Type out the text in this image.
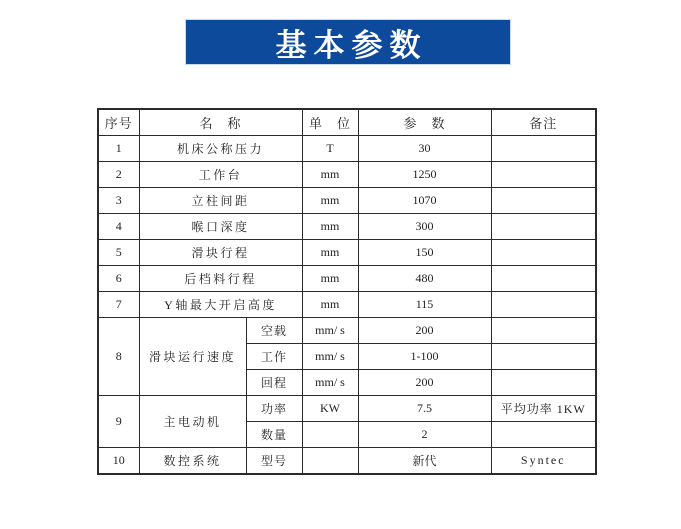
基本参数
序号	名　称		单　位	参　数	备注
1	机床公称压力		T	30	
2	工作台		mm	1250	
3	立柱间距		mm	1070	
4	喉口深度		mm	300	
5	滑块行程		mm	150	
6	后档料行程		mm	480	
7	Y轴最大开启高度		mm	115	
8	滑块运行速度	空载	mm/ s	200	
		工作	mm/ s	1-100	
		回程	mm/ s	200	
9	主电动机	功率	KW	7.5	平均功率 1KW
		数量		2	
10	数控系统	型号		新代	Syntec
